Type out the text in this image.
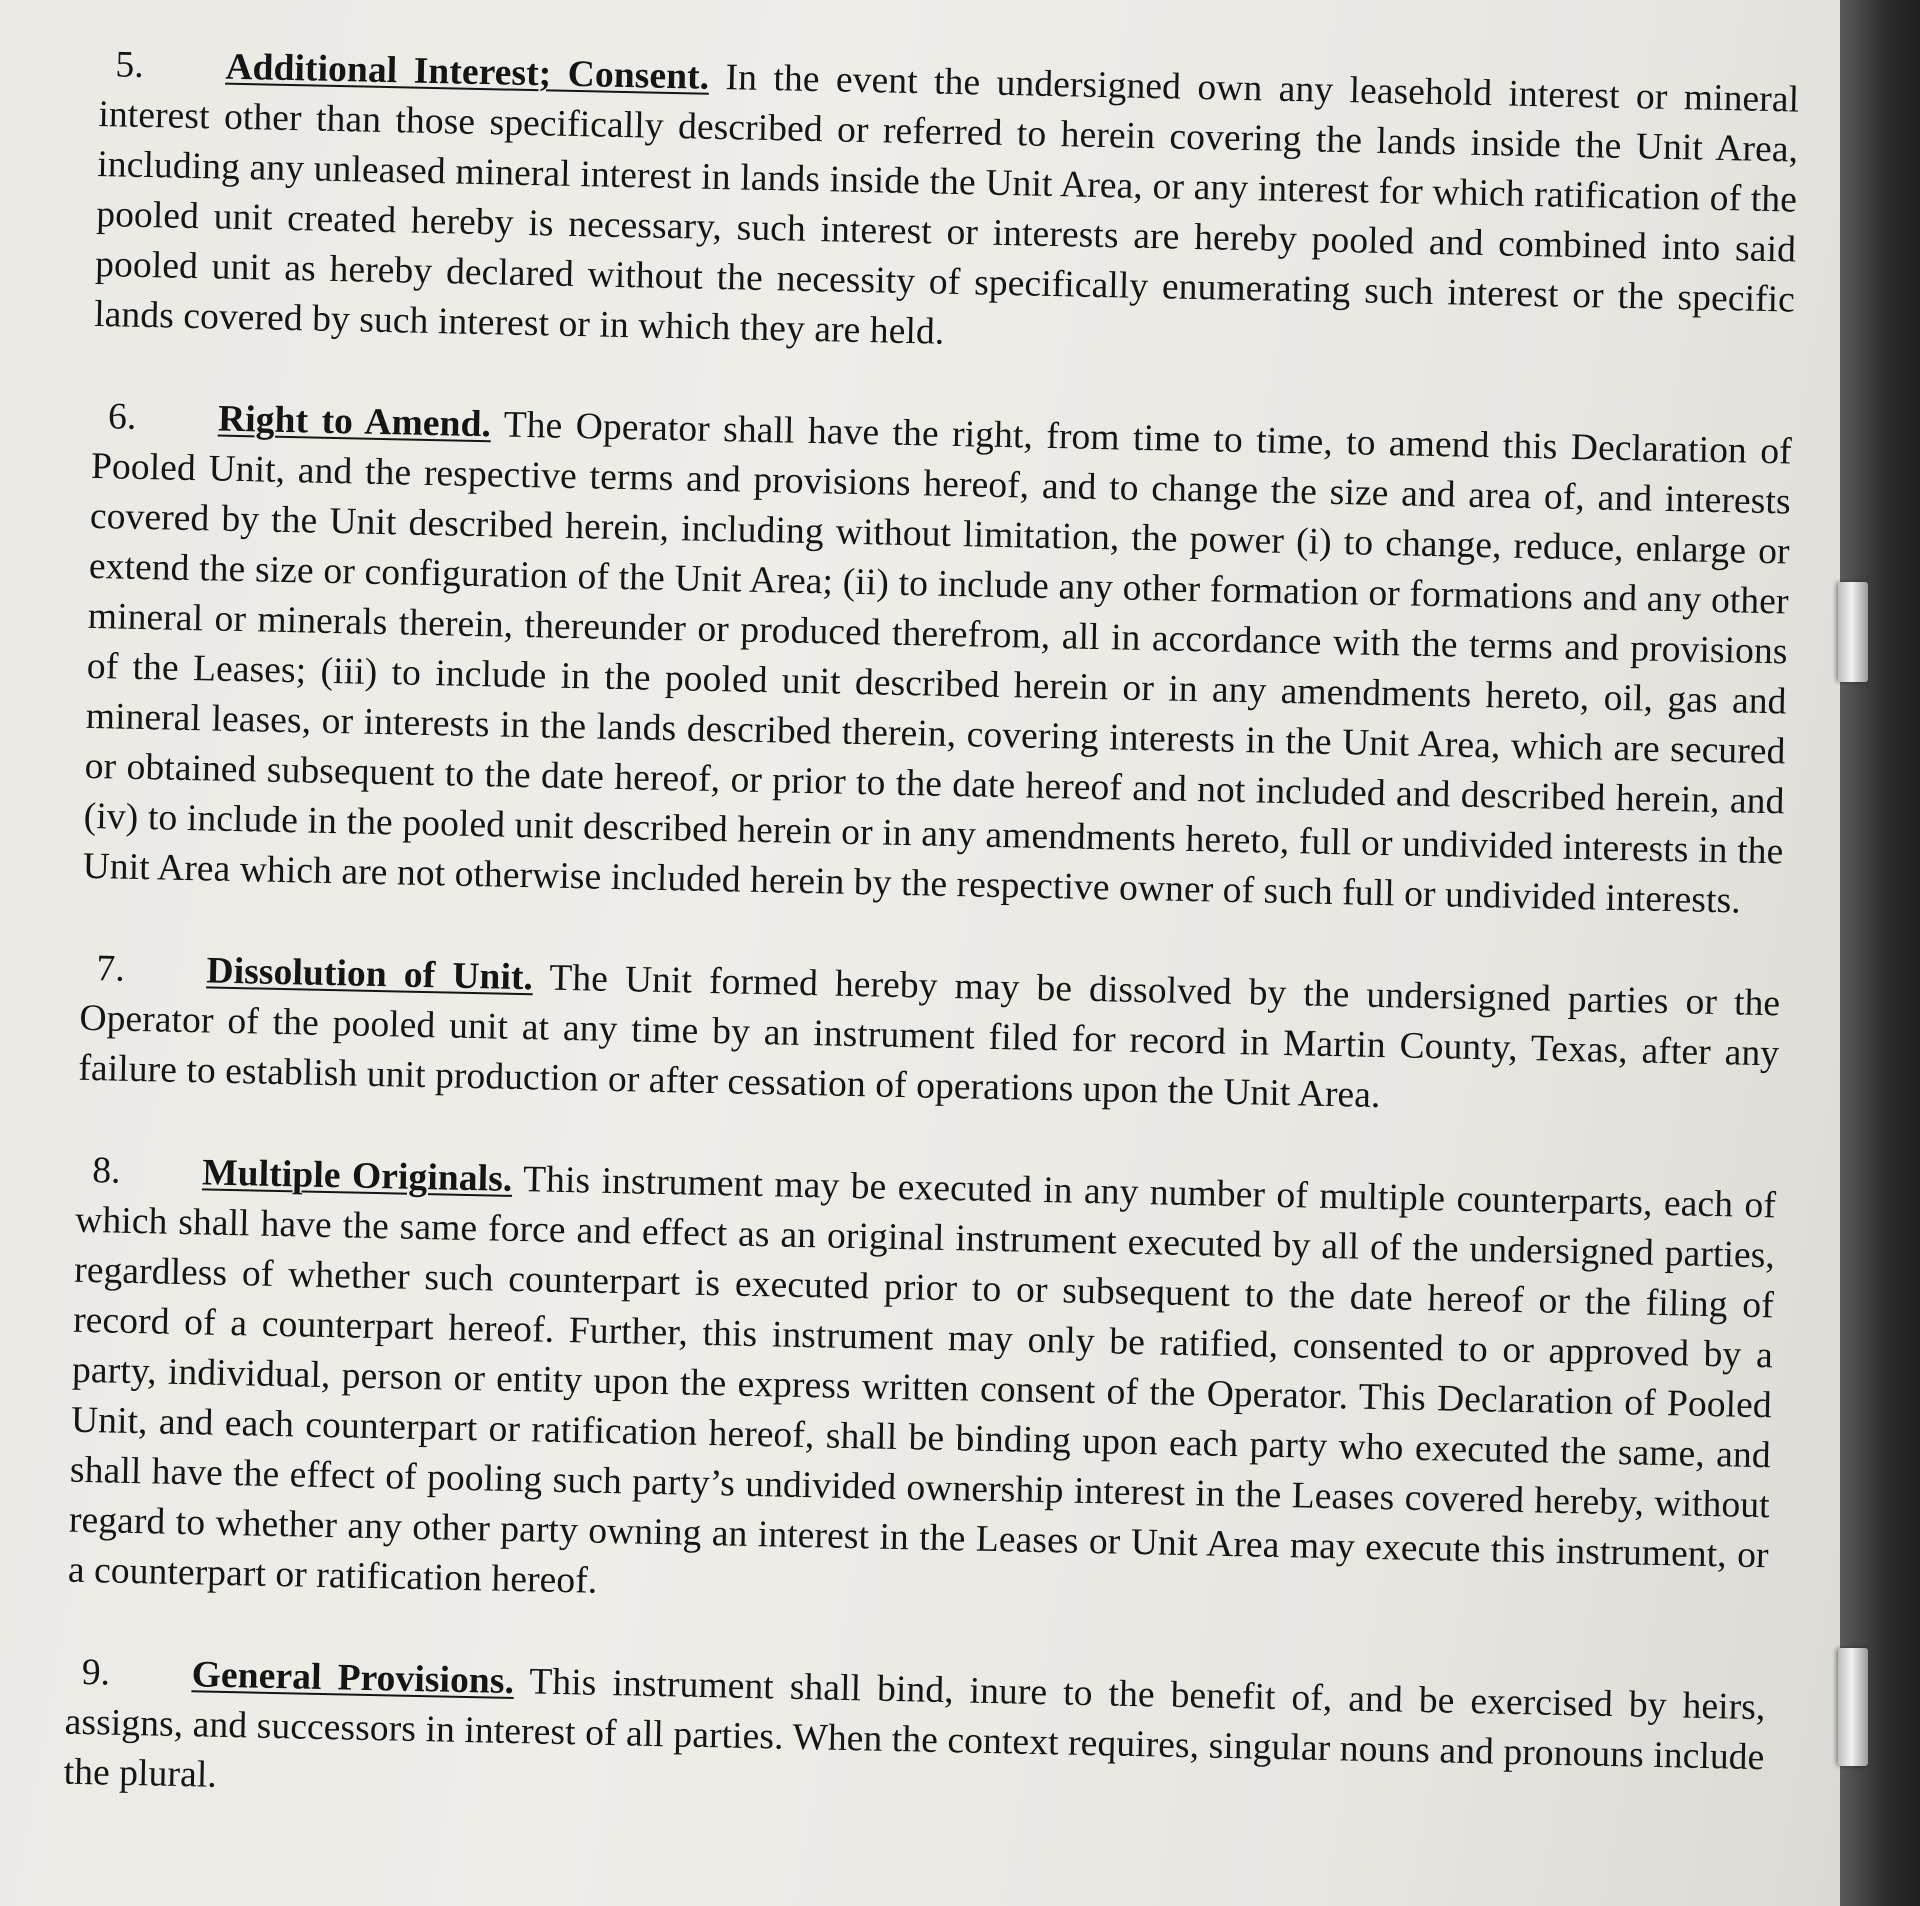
5. Additional Interest; Consent. In the event the undersigned own any leasehold interest or mineral interest other than those specifically described or referred to herein covering the lands inside the Unit Area, including any unleased mineral interest in lands inside the Unit Area, or any interest for which ratification of the pooled unit created hereby is necessary, such interest or interests are hereby pooled and combined into said pooled unit as hereby declared without the necessity of specifically enumerating such interest or the specific lands covered by such interest or in which they are held.

6. Right to Amend. The Operator shall have the right, from time to time, to amend this Declaration of Pooled Unit, and the respective terms and provisions hereof, and to change the size and area of, and interests covered by the Unit described herein, including without limitation, the power (i) to change, reduce, enlarge or extend the size or configuration of the Unit Area; (ii) to include any other formation or formations and any other mineral or minerals therein, thereunder or produced therefrom, all in accordance with the terms and provisions of the Leases; (iii) to include in the pooled unit described herein or in any amendments hereto, oil, gas and mineral leases, or interests in the lands described therein, covering interests in the Unit Area, which are secured or obtained subsequent to the date hereof, or prior to the date hereof and not included and described herein, and (iv) to include in the pooled unit described herein or in any amendments hereto, full or undivided interests in the Unit Area which are not otherwise included herein by the respective owner of such full or undivided interests.

7. Dissolution of Unit. The Unit formed hereby may be dissolved by the undersigned parties or the Operator of the pooled unit at any time by an instrument filed for record in Martin County, Texas, after any failure to establish unit production or after cessation of operations upon the Unit Area.

8. Multiple Originals. This instrument may be executed in any number of multiple counterparts, each of which shall have the same force and effect as an original instrument executed by all of the undersigned parties, regardless of whether such counterpart is executed prior to or subsequent to the date hereof or the filing of record of a counterpart hereof. Further, this instrument may only be ratified, consented to or approved by a party, individual, person or entity upon the express written consent of the Operator. This Declaration of Pooled Unit, and each counterpart or ratification hereof, shall be binding upon each party who executed the same, and shall have the effect of pooling such party’s undivided ownership interest in the Leases covered hereby, without regard to whether any other party owning an interest in the Leases or Unit Area may execute this instrument, or a counterpart or ratification hereof.

9. General Provisions. This instrument shall bind, inure to the benefit of, and be exercised by heirs, assigns, and successors in interest of all parties. When the context requires, singular nouns and pronouns include the plural.
